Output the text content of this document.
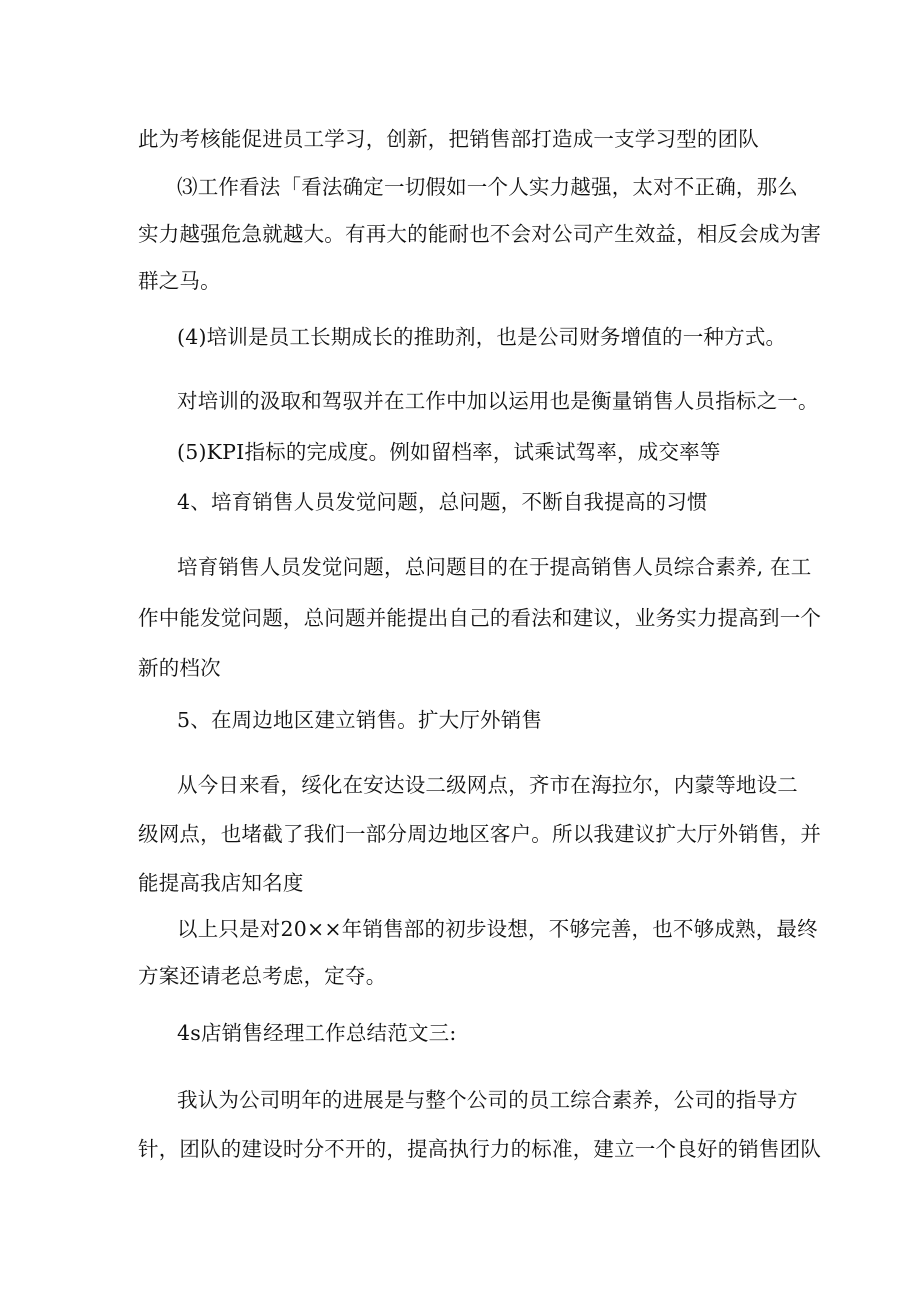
此为考核能促进员工学习，创新，把销售部打造成一支学习型的团队
⑶工作看法「看法确定一切假如一个人实力越强，太对不正确，那么
实力越强危急就越大。有再大的能耐也不会对公司产生效益，相反会成为害
群之马。
(4)培训是员工长期成长的推助剂，也是公司财务增值的一种方式。
对培训的汲取和驾驭并在工作中加以运用也是衡量销售人员指标之一。
(5)KPI指标的完成度。例如留档率，试乘试驾率，成交率等
4、培育销售人员发觉问题，总问题，不断自我提高的习惯
培育销售人员发觉问题，总问题目的在于提高销售人员综合素养, 在工
作中能发觉问题，总问题并能提出自己的看法和建议，业务实力提高到一个
新的档次
5、在周边地区建立销售。扩大厅外销售
从今日来看，绥化在安达设二级网点，齐市在海拉尔，内蒙等地设二
级网点，也堵截了我们一部分周边地区客户。所以我建议扩大厅外销售，并
能提高我店知名度
以上只是对20××年销售部的初步设想，不够完善，也不够成熟，最终
方案还请老总考虑，定夺。
4s店销售经理工作总结范文三:
我认为公司明年的进展是与整个公司的员工综合素养，公司的指导方
针，团队的建设时分不开的，提高执行力的标准，建立一个良好的销售团队
